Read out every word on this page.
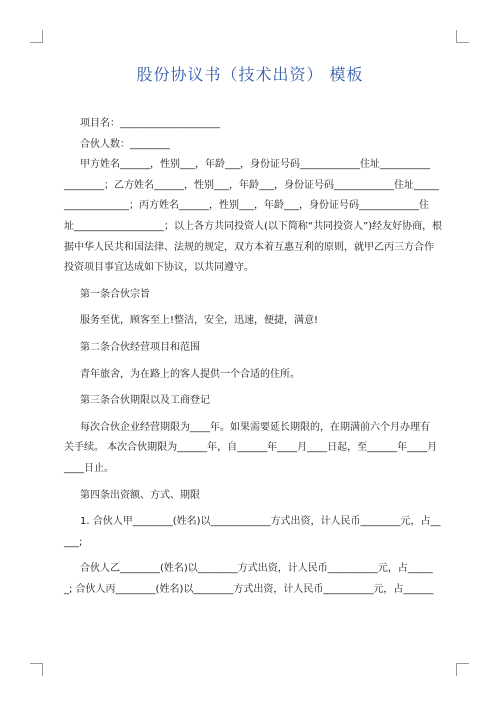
股份协议书（技术出资） 模板

项目名：____________________

合伙人数：________

甲方姓名______，性别___，年龄___，身份证号码____________住址__________

________；乙方姓名______，性别___，年龄___，身份证号码____________住址_____

_____________；丙方姓名______，性别___，年龄___，身份证号码____________住

址__________________；以上各方共同投资人(以下简称“共同投资人”)经友好协商，根

据中华人民共和国法律、法规的规定，双方本着互惠互利的原则，就甲乙丙三方合作

投资项目事宜达成如下协议，以共同遵守。

第一条合伙宗旨

服务至优，顾客至上!整洁，安全，迅速，便捷，满意!

第二条合伙经营项目和范围

青年旅舍，为在路上的客人提供一个合适的住所。

第三条合伙期限以及工商登记

每次合伙企业经营期限为____年。如果需要延长期限的，在期满前六个月办理有

关手续。 本次合伙期限为______年，自______年____月____日起，至______年____月

____日止。

第四条出资额、方式、期限

1. 合伙人甲________(姓名)以____________方式出资，计人民币________元，占__

___;

合伙人乙________(姓名)以________方式出资，计人民币__________元，占_____

_; 合伙人丙________(姓名)以________方式出资，计人民币__________元，占______
